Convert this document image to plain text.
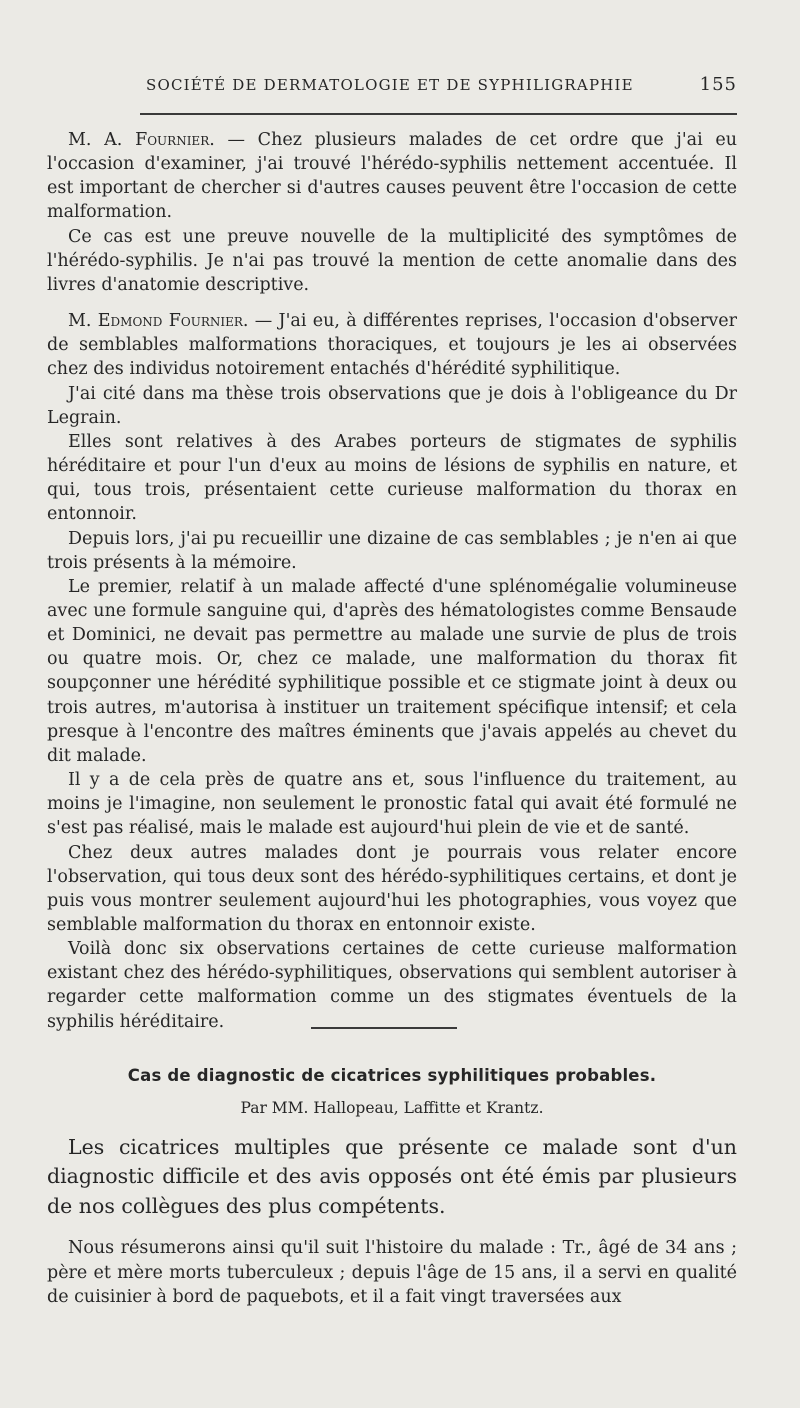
SOCIÉTÉ DE DERMATOLOGIE ET DE SYPHILIGRAPHIE	155

M. A. Fournier. — Chez plusieurs malades de cet ordre que j'ai eu l'occasion d'examiner, j'ai trouvé l'hérédo-syphilis nettement accentuée. Il est important de chercher si d'autres causes peuvent être l'occasion de cette malformation.

Ce cas est une preuve nouvelle de la multiplicité des symptômes de l'hérédo-syphilis. Je n'ai pas trouvé la mention de cette anomalie dans des livres d'anatomie descriptive.

M. Edmond Fournier. — J'ai eu, à différentes reprises, l'occasion d'observer de semblables malformations thoraciques, et toujours je les ai observées chez des individus notoirement entachés d'hérédité syphilitique.

J'ai cité dans ma thèse trois observations que je dois à l'obligeance du Dr Legrain.

Elles sont relatives à des Arabes porteurs de stigmates de syphilis héréditaire et pour l'un d'eux au moins de lésions de syphilis en nature, et qui, tous trois, présentaient cette curieuse malformation du thorax en entonnoir.

Depuis lors, j'ai pu recueillir une dizaine de cas semblables ; je n'en ai que trois présents à la mémoire.

Le premier, relatif à un malade affecté d'une splénomégalie volumineuse avec une formule sanguine qui, d'après des hématologistes comme Bensaude et Dominici, ne devait pas permettre au malade une survie de plus de trois ou quatre mois. Or, chez ce malade, une malformation du thorax fit soupçonner une hérédité syphilitique possible et ce stigmate joint à deux ou trois autres, m'autorisa à instituer un traitement spécifique intensif; et cela presque à l'encontre des maîtres éminents que j'avais appelés au chevet du dit malade.

Il y a de cela près de quatre ans et, sous l'influence du traitement, au moins je l'imagine, non seulement le pronostic fatal qui avait été formulé ne s'est pas réalisé, mais le malade est aujourd'hui plein de vie et de santé.

Chez deux autres malades dont je pourrais vous relater encore l'observation, qui tous deux sont des hérédo-syphilitiques certains, et dont je puis vous montrer seulement aujourd'hui les photographies, vous voyez que semblable malformation du thorax en entonnoir existe.

Voilà donc six observations certaines de cette curieuse malformation existant chez des hérédo-syphilitiques, observations qui semblent autoriser à regarder cette malformation comme un des stigmates éventuels de la syphilis héréditaire.

Cas de diagnostic de cicatrices syphilitiques probables.
Par MM. Hallopeau, Laffitte et Krantz.

Les cicatrices multiples que présente ce malade sont d'un diagnostic difficile et des avis opposés ont été émis par plusieurs de nos collègues des plus compétents.

Nous résumerons ainsi qu'il suit l'histoire du malade : Tr., âgé de 34 ans ; père et mère morts tuberculeux ; depuis l'âge de 15 ans, il a servi en qualité de cuisinier à bord de paquebots, et il a fait vingt traversées aux
